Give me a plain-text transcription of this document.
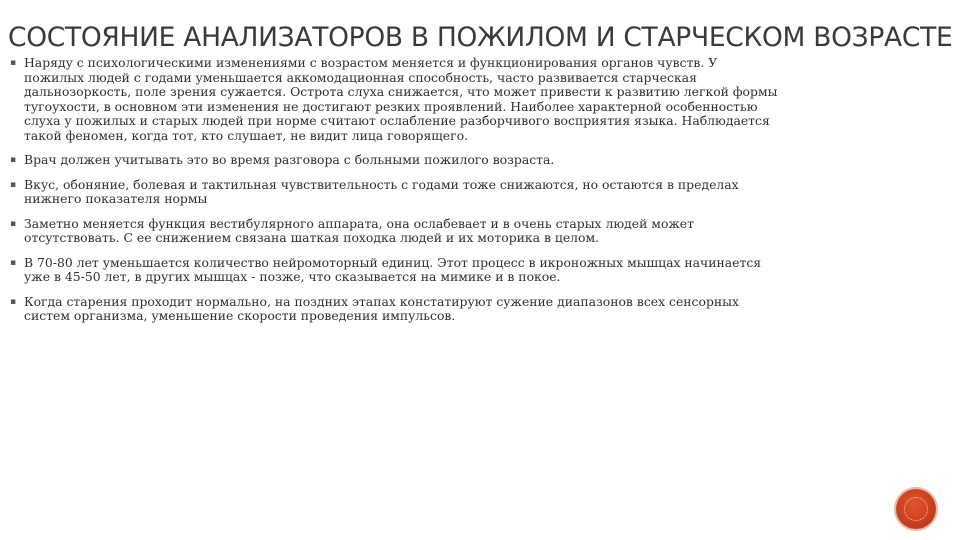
СОСТОЯНИЕ АНАЛИЗАТОРОВ В ПОЖИЛОМ И СТАРЧЕСКОМ ВОЗРАСТЕ
▪ Наряду с психологическими изменениями с возрастом меняется и функционирования органов чувств. У пожилых людей с годами уменьшается аккомодационная способность, часто развивается старческая дальнозоркость, поле зрения сужается. Острота слуха снижается, что может привести к развитию легкой формы тугоухости, в основном эти изменения не достигают резких проявлений. Наиболее характерной особенностью слуха у пожилых и старых людей при норме считают ослабление разборчивого восприятия языка. Наблюдается такой феномен, когда тот, кто слушает, не видит лица говорящего.
▪ Врач должен учитывать это во время разговора с больными пожилого возраста.
▪ Вкус, обоняние, болевая и тактильная чувствительность с годами тоже снижаются, но остаются в пределах нижнего показателя нормы
▪ Заметно меняется функция вестибулярного аппарата, она ослабевает и в очень старых людей может отсутствовать. С ее снижением связана шаткая походка людей и их моторика в целом.
▪ В 70-80 лет уменьшается количество нейромоторный единиц. Этот процесс в икроножных мышцах начинается уже в 45-50 лет, в других мышцах - позже, что сказывается на мимике и в покое.
▪ Когда старения проходит нормально, на поздних этапах констатируют сужение диапазонов всех сенсорных систем организма, уменьшение скорости проведения импульсов.
